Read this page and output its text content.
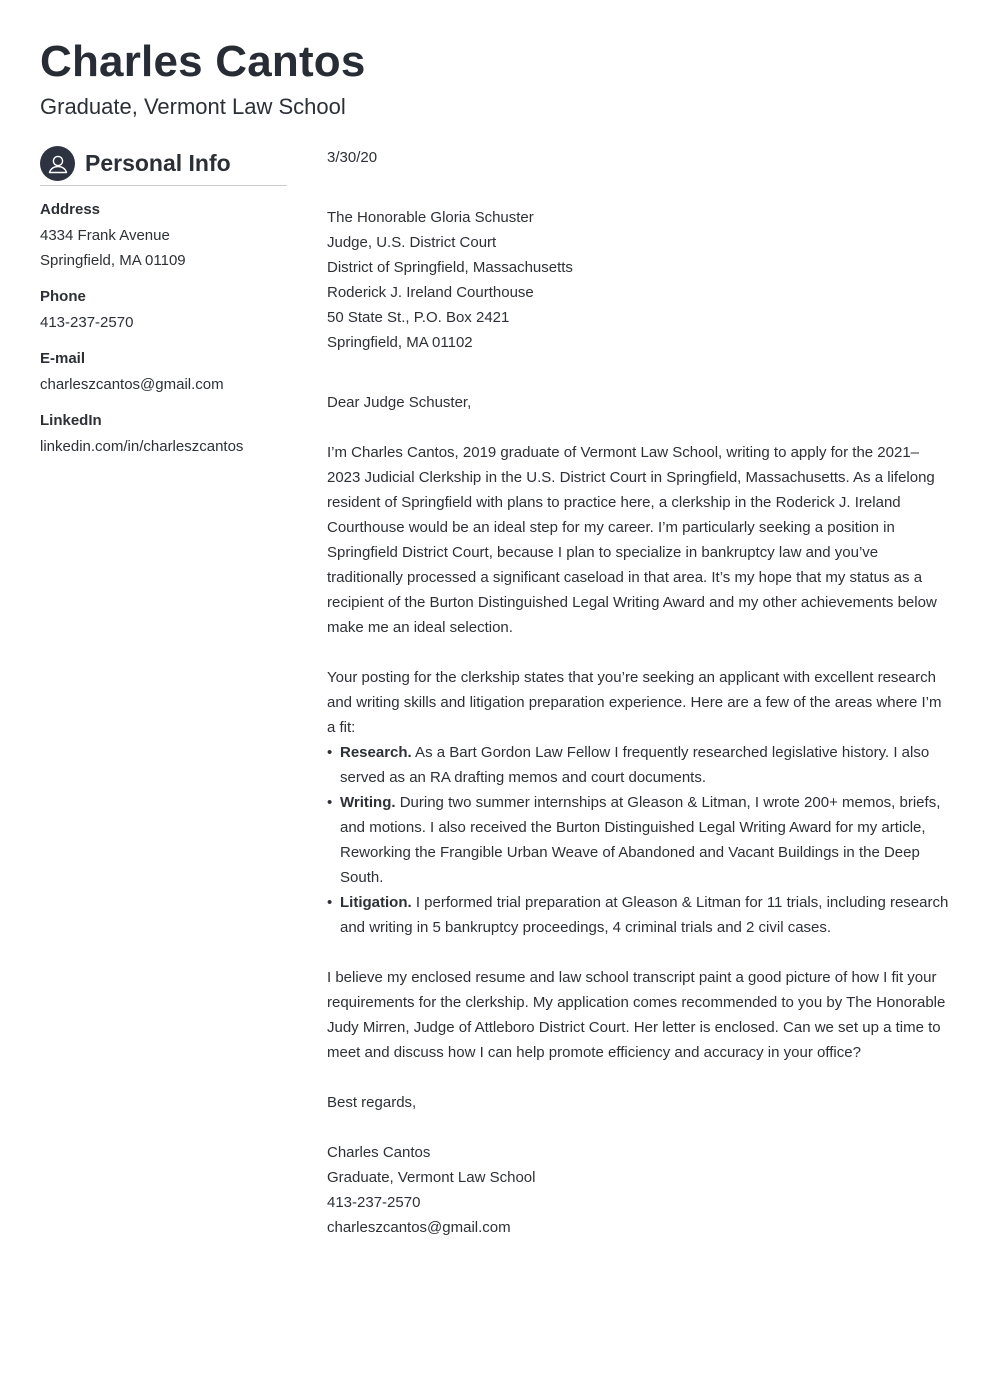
Charles Cantos
Graduate, Vermont Law School
Personal Info
Address
4334 Frank Avenue
Springfield, MA 01109
Phone
413-237-2570
E-mail
charleszcantos@gmail.com
LinkedIn
linkedin.com/in/charleszcantos

3/30/20

The Honorable Gloria Schuster

Judge, U.S. District Court

District of Springfield, Massachusetts

Roderick J. Ireland Courthouse

50 State St., P.O. Box 2421

Springfield, MA 01102

Dear Judge Schuster,

I’m Charles Cantos, 2019 graduate of Vermont Law School, writing to apply for the 2021–2023 Judicial Clerkship in the U.S. District Court in Springfield, Massachusetts. As a lifelong resident of Springfield with plans to practice here, a clerkship in the Roderick J. Ireland Courthouse would be an ideal step for my career. I’m particularly seeking a position in Springfield District Court, because I plan to specialize in bankruptcy law and you’ve traditionally processed a significant caseload in that area. It’s my hope that my status as a recipient of the Burton Distinguished Legal Writing Award and my other achievements below make me an ideal selection.

Your posting for the clerkship states that you’re seeking an applicant with excellent research and writing skills and litigation preparation experience. Here are a few of the areas where I’m a fit:

• Research. As a Bart Gordon Law Fellow I frequently researched legislative history. I also served as an RA drafting memos and court documents.
• Writing. During two summer internships at Gleason & Litman, I wrote 200+ memos, briefs, and motions. I also received the Burton Distinguished Legal Writing Award for my article, Reworking the Frangible Urban Weave of Abandoned and Vacant Buildings in the Deep South.
• Litigation. I performed trial preparation at Gleason & Litman for 11 trials, including research and writing in 5 bankruptcy proceedings, 4 criminal trials and 2 civil cases.

I believe my enclosed resume and law school transcript paint a good picture of how I fit your requirements for the clerkship. My application comes recommended to you by The Honorable Judy Mirren, Judge of Attleboro District Court. Her letter is enclosed. Can we set up a time to meet and discuss how I can help promote efficiency and accuracy in your office?

Best regards,

Charles Cantos

Graduate, Vermont Law School

413-237-2570

charleszcantos@gmail.com
